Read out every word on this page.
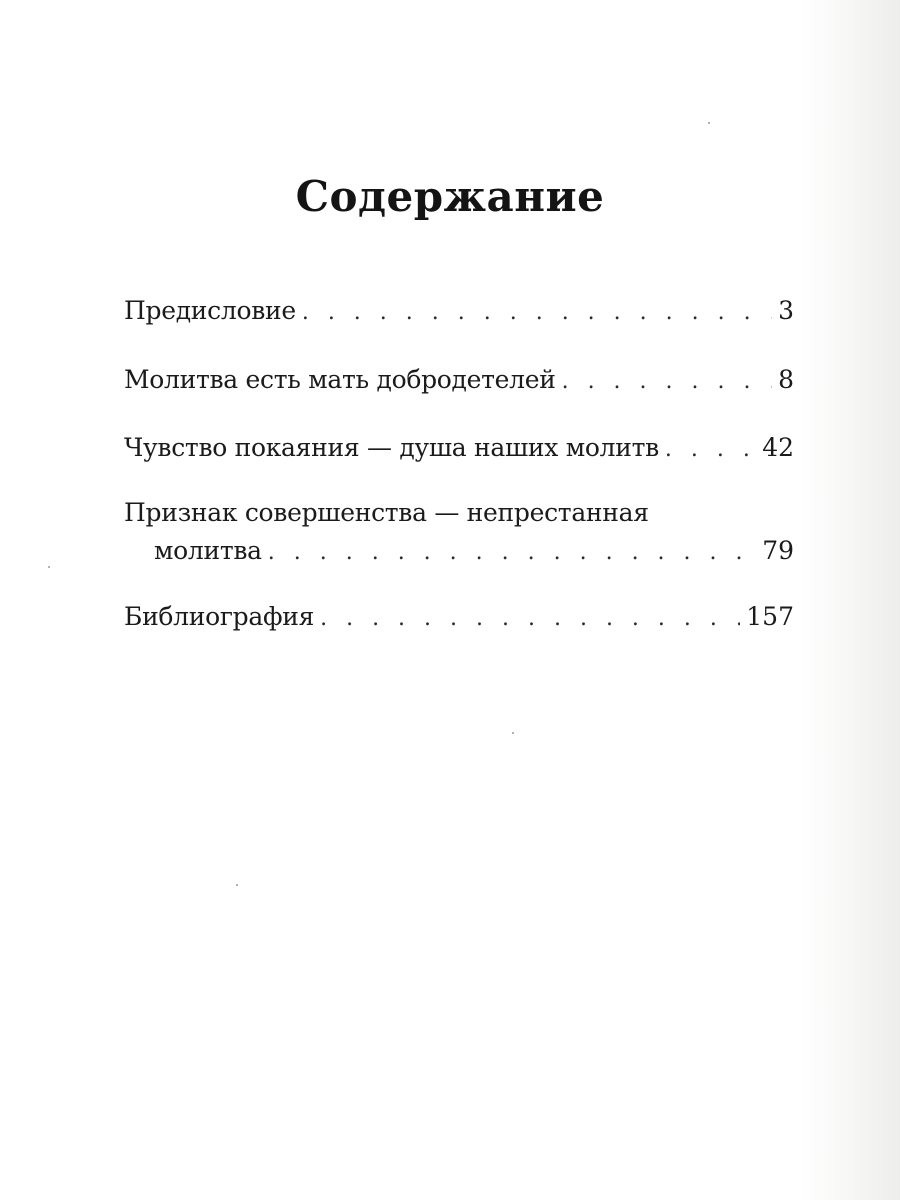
Содержание
Предисловие . . .	3
Молитва есть мать добродетелей . . .	8
Чувство покаяния — душа наших молитв . . .	42
Признак совершенства — непрестанная
молитва . . .	79
Библиография . . .	157
